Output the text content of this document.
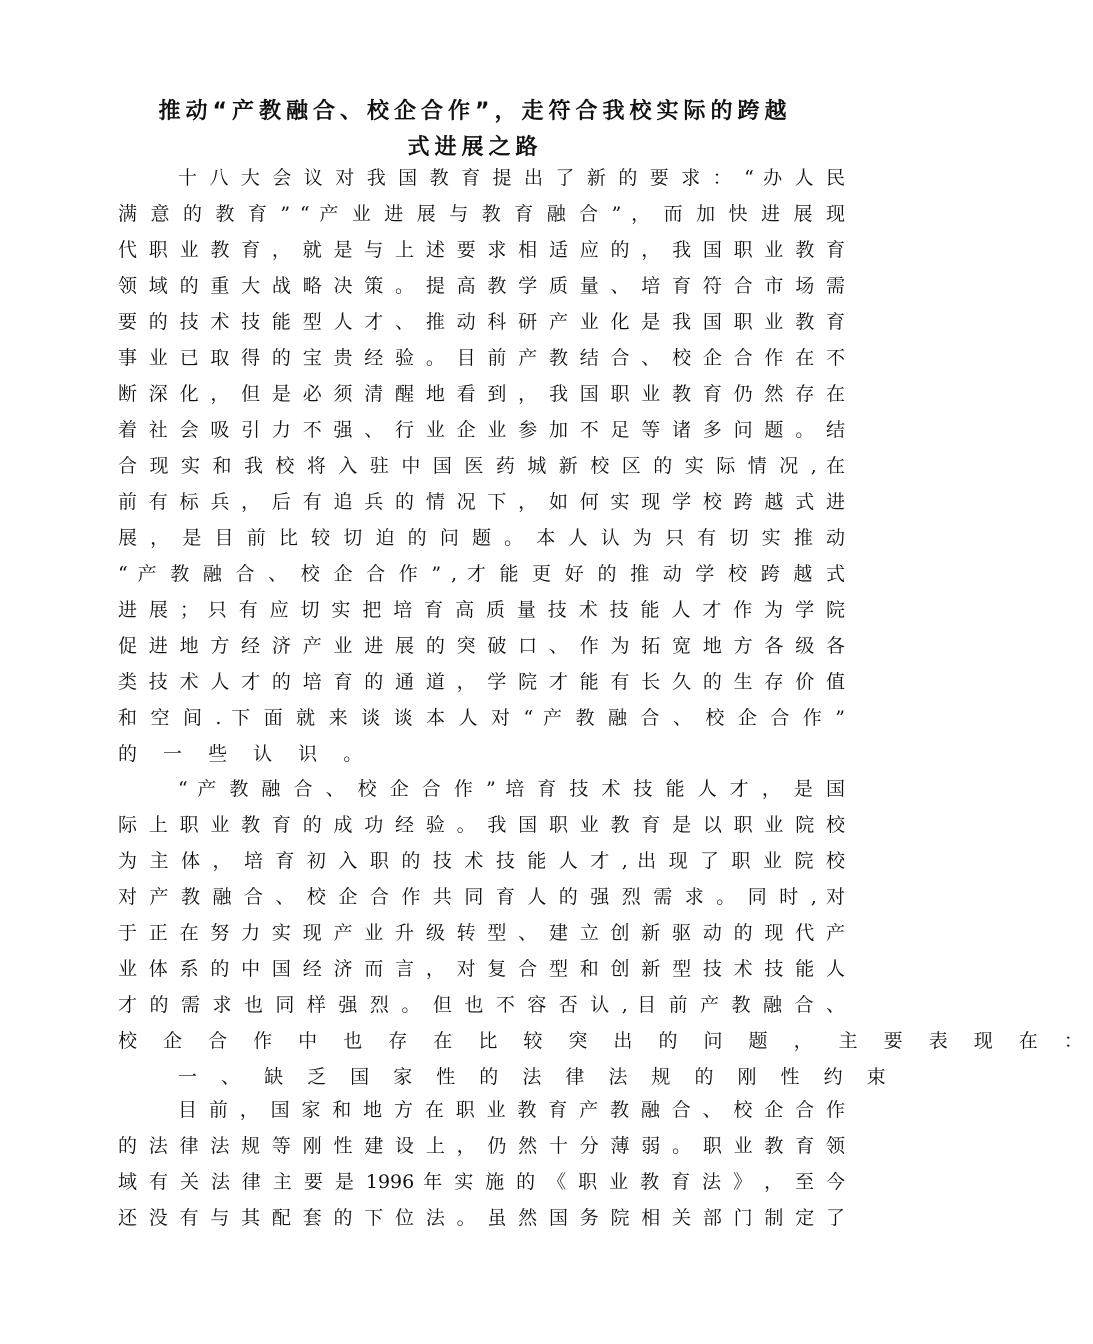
推动“产教融合、校企合作”，走符合我校实际的跨越
式进展之路
十 八 大 会 议 对 我 国 教 育 提 出 了 新 的 要 求 ： “ 办 人 民
满 意 的 教 育 ” “ 产 业 进 展 与 教 育 融 合 ” ， 而 加 快 进 展 现
代 职 业 教 育 ， 就 是 与 上 述 要 求 相 适 应 的 ， 我 国 职 业 教 育
领 域 的 重 大 战 略 决 策 。 提 高 教 学 质 量 、 培 育 符 合 市 场 需
要 的 技 术 技 能 型 人 才 、 推 动 科 研 产 业 化 是 我 国 职 业 教 育
事 业 已 取 得 的 宝 贵 经 验 。 目 前 产 教 结 合 、 校 企 合 作 在 不
断 深 化 ， 但 是 必 须 清 醒 地 看 到 ， 我 国 职 业 教 育 仍 然 存 在
着 社 会 吸 引 力 不 强 、 行 业 企 业 参 加 不 足 等 诸 多 问 题 。 结
合 现 实 和 我 校 将 入 驻 中 国 医 药 城 新 校 区 的 实 际 情 况 , 在
前 有 标 兵 ， 后 有 追 兵 的 情 况 下 ， 如 何 实 现 学 校 跨 越 式 进
展 ， 是 目 前 比 较 切 迫 的 问 题 。 本 人 认 为 只 有 切 实 推 动
“ 产 教 融 合 、 校 企 合 作 ” , 才 能 更 好 的 推 动 学 校 跨 越 式
进 展 ； 只 有 应 切 实 把 培 育 高 质 量 技 术 技 能 人 才 作 为 学 院
促 进 地 方 经 济 产 业 进 展 的 突 破 口 、 作 为 拓 宽 地 方 各 级 各
类 技 术 人 才 的 培 育 的 通 道 ， 学 院 才 能 有 长 久 的 生 存 价 值
和 空 间 . 下 面 就 来 谈 谈 本 人 对 “ 产 教 融 合 、 校 企 合 作 ”
的 一 些 认 识 。
“ 产 教 融 合 、 校 企 合 作 ” 培 育 技 术 技 能 人 才 ， 是 国
际 上 职 业 教 育 的 成 功 经 验 。 我 国 职 业 教 育 是 以 职 业 院 校
为 主 体 ， 培 育 初 入 职 的 技 术 技 能 人 才 , 出 现 了 职 业 院 校
对 产 教 融 合 、 校 企 合 作 共 同 育 人 的 强 烈 需 求 。 同 时 , 对
于 正 在 努 力 实 现 产 业 升 级 转 型 、 建 立 创 新 驱 动 的 现 代 产
业 体 系 的 中 国 经 济 而 言 ， 对 复 合 型 和 创 新 型 技 术 技 能 人
才 的 需 求 也 同 样 强 烈 。 但 也 不 容 否 认 , 目 前 产 教 融 合 、
校 企 合 作 中 也 存 在 比 较 突 出 的 问 题 ， 主 要 表 现 在 ：
一 、 缺 乏 国 家 性 的 法 律 法 规 的 刚 性 约 束
目 前 ， 国 家 和 地 方 在 职 业 教 育 产 教 融 合 、 校 企 合 作
的 法 律 法 规 等 刚 性 建 设 上 ， 仍 然 十 分 薄 弱 。 职 业 教 育 领
域 有 关 法 律 主 要 是 1996 年 实 施 的 《 职 业 教 育 法 》 ， 至 今
还 没 有 与 其 配 套 的 下 位 法 。 虽 然 国 务 院 相 关 部 门 制 定 了
